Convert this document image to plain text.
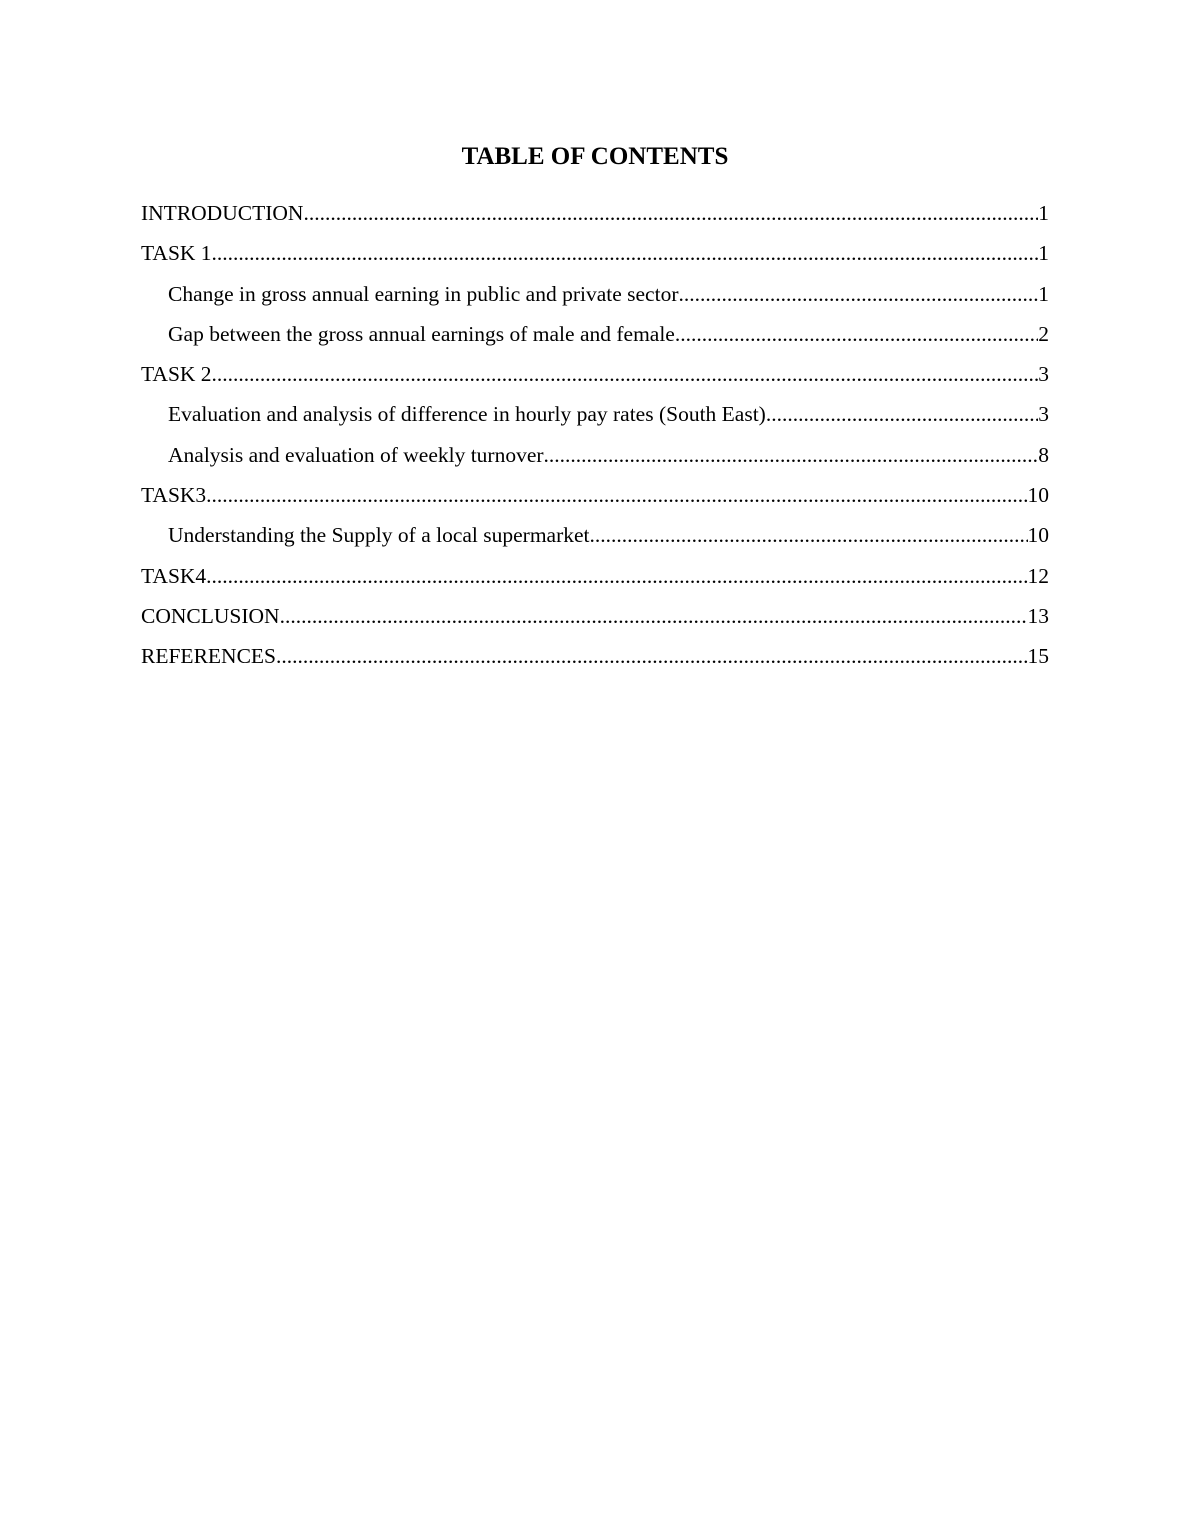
TABLE OF CONTENTS
INTRODUCTION .....	1
TASK 1 .....	1
Change in gross annual earning in public and private sector .....	1
Gap between the gross annual earnings of male and female .....	2
TASK 2 .....	3
Evaluation and analysis of difference in hourly pay rates (South East) .....	3
Analysis and evaluation of weekly turnover .....	8
TASK3 .....	10
Understanding the Supply of a local supermarket .....	10
TASK4 .....	12
CONCLUSION .....	13
REFERENCES .....	15
